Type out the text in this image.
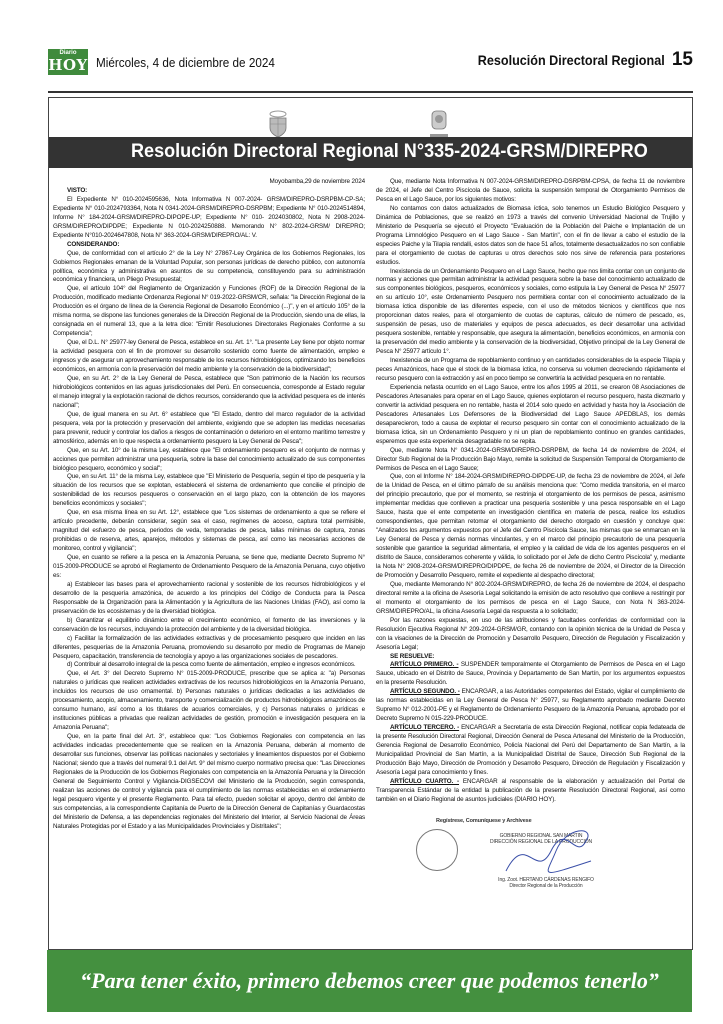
Diario
HOY Miércoles, 4 de diciembre de 2024	Resolución Directoral Regional 15
Resolución Directoral Regional N°335-2024-GRSM/DIREPRO

Moyobamba,29 de noviembre 2024

VISTO:

El Expediente N° 010-2024595636, Nota Informativa N 007-2024- GRSM/DIREPRO-DSRPBM-CP-SA; Expediente N° 010-2024793364, Nota N 0341-2024-GRSM/DIREPRO-DSRPBM; Expediente N° 010-2024514894, Informe N° 184-2024-GRSM/DIREPRO-DIPOPE-UP; Expediente N° 010- 2024030802, Nota N 2908-2024-GRSM/DIREPRO/DIPDPE; Expediente N 010-2024250888. Memorando N° 802-2024-GRSM/ DIREPRO; Expediente N°010-2024647808, Nota N° 363-2024-GRSM/DIREPRO/AL: V.

CONSIDERANDO:

Que, de conformidad con el artículo 2° de la Ley N° 27867-Ley Orgánica de los Gobiernos Regionales, los Gobiernos Regionales emanan de la Voluntad Popular, son personas jurídicas de derecho público, con autonomía política, económica y administrativa en asuntos de su competencia, constituyendo para su administración económica y financiera, un Pliego Presupuestal;

Que, el artículo 104° del Reglamento de Organización y Funciones (ROF) de la Dirección Regional de la Producción, modificado mediante Ordenanza Regional N° 019-2022-GRSM/CR, señala: "la Dirección Regional de la Producción es el órgano de línea de la Gerencia Regional de Desarrollo Económico (...)", y en el artículo 105° de la misma norma, se dispone las funciones generales de la Dirección Regional de la Producción, siendo una de ellas, la consignada en el numeral 13, que a la letra dice: "Emitir Resoluciones Directorales Regionales Conforme a su Competencia";

Que, el D.L. N° 25977-ley General de Pesca, establece en su. Art. 1°. "La presente Ley tiene por objeto normar la actividad pesquera con el fin de promover su desarrollo sostenido como fuente de alimentación, empleo e ingresos y de asegurar un aprovechamiento responsable de los recursos hidrobiológicos, optimizando los beneficios económicos, en armonía con la preservación del medio ambiente y la conservación de la biodiversidad";

Que, en su Art. 2° de la Ley General de Pesca, establece que "Son patrimonio de la Nación los recursos hidrobiológicos contenidos en las aguas jurisdiccionales del Perú. En consecuencia, corresponde al Estado regular el manejo integral y la explotación racional de dichos recursos, considerando que la actividad pesquera es de interés nacional";

Que, de igual manera en su Art. 6° establece que "El Estado, dentro del marco regulador de la actividad pesquera, vela por la protección y preservación del ambiente, exigiendo que se adopten las medidas necesarias para prevenir, reducir y controlar los daños a riesgos de contaminación o deterioro en el entorno marítimo terrestre y atmosférico, además en lo que respecta a ordenamiento pesquero la Ley General de Pesca";

Que, en su Art. 10° de la misma Ley, establece que "El ordenamiento pesquero es el conjunto de normas y acciones que permiten administrar una pesquería, sobre la base del conocimiento actualizado de sus componentes biológico pesquero, económico y social";

Que, en su Art. 11° de la misma Ley, establece que "El Ministerio de Pesquería, según el tipo de pesquería y la situación de los recursos que se explotan, establecerá el sistema de ordenamiento que concilie el principio de sostenibilidad de los recursos pesqueros o conservación en el largo plazo, con la obtención de los mayores beneficios económicos y sociales";

Que, en esa misma línea en su Art. 12°, establece que "Los sistemas de ordenamiento a que se refiere el artículo precedente, deberán considerar, según sea el caso, regímenes de acceso, captura total permisible, magnitud del esfuerzo de pesca, periodos de veda, temporadas de pesca, tallas mínimas de captura, zonas prohibidas o de reserva, artes, aparejos, métodos y sistemas de pesca, así como las necesarias acciones de monitoreo, control y vigilancia";

Que, en cuanto se refiere a la pesca en la Amazonía Peruana, se tiene que, mediante Decreto Supremo N° 015-2009-PRODUCE se aprobó el Reglamento de Ordenamiento Pesquero de la Amazonía Peruana, cuyo objetivo es:

a) Establecer las bases para el aprovechamiento racional y sostenible de los recursos hidrobiológicos y el desarrollo de la pesquería amazónica, de acuerdo a los principios del Código de Conducta para la Pesca Responsable de la Organización para la Alimentación y la Agricultura de las Naciones Unidas (FAO), así como la preservación de los ecosistemas y de la diversidad biológica.

b) Garantizar el equilibrio dinámico entre el crecimiento económico, el fomento de las inversiones y la conservación de los recursos, incluyendo la protección del ambiente y de la diversidad biológica.

c) Facilitar la formalización de las actividades extractivas y de procesamiento pesquero que inciden en las diferentes, pesquerías de la Amazonía Peruana, promoviendo su desarrollo por medio de Programas de Manejo Pesquero, capacitación, transferencia de tecnología y apoyo a las organizaciones sociales de pescadores.

d) Contribuir al desarrollo integral de la pesca como fuente de alimentación, empleo e ingresos económicos.

Que, el Art. 3° del Decreto Supremo N° 015-2009-PRODUCE, prescribe que se aplica a: "a) Personas naturales o jurídicas que realicen actividades extractivas de los recursos hidrobiológicos en la Amazonía Peruano, incluidos los recursos de uso ornamental. b) Personas naturales o jurídicas dedicadas a las actividades de procesamiento, acopio, almacenamiento, transporte y comercialización de productos hidrobiológicos amazónicos de consumo humano, así como a los titulares de acuarios comerciales, y c) Personas naturales o jurídicas e instituciones públicas a privadas que realizan actividades de gestión, promoción e investigación pesquera en la Amazonía Peruana";

Que, en la parte final del Art. 3°, establece que: "Los Gobiernos Regionales con competencia en las actividades indicadas precedentemente que se realicen en la Amazonía Peruana, deberán al momento de desarrollar sus funciones, observar las políticas nacionales y sectoriales y lineamientos dispuestos por el Gobierno Nacional; siendo que a través del numeral 9.1 del Art. 9° del mismo cuerpo normativo precisa que: "Las Direcciones Regionales de la Producción de los Gobiernos Regionales con competencia en la Amazonía Peruana y la Dirección General de Seguimiento Control y Vigilancia-DIGSECOVI del Ministerio de la Producción, según corresponda, realizan las acciones de control y vigilancia para el cumplimiento de las normas establecidas en el ordenamiento legal pesquero vigente y el presente Reglamento. Para tal efecto, pueden solicitar el apoyo, dentro del ámbito de sus competencias, a la correspondiente Capitanía de Puerto de la Dirección General de Capitanías y Guardacostas del Ministerio de Defensa, a las dependencias regionales del Ministerio del Interior, al Servicio Nacional de Áreas Naturales Protegidas por el Estado y a las Municipalidades Provinciales y Distritales";

Que, mediante Nota Informativa N 007-2024-GRSM/DIREPRO-DSRPBM-CPSA, de fecha 11 de noviembre de 2024, el Jefe del Centro Piscícola de Sauce, solicita la suspensión temporal de Otorgamiento Permisos de Pesca en el Lago Sauce, por los siguientes motivos:

No contamos con datos actualizados de Biomasa íctica, solo tenemos un Estudio Biológico Pesquero y Dinámica de Poblaciones, que se realizó en 1973 a través del convenio Universidad Nacional de Trujillo y Ministerio de Pesquería se ejecutó el Proyecto "Evaluación de la Población del Paiche e Implantación de un Programa Limnológico Pesquero en el Lago Sauce - San Martín", con el fin de llevar a cabo el estudio de la especies Paiche y la Tilapia rendalli, estos datos son de hace 51 años, totalmente desactualizados no son confiable para el otorgamiento de cuotas de capturas u otros derechos solo nos sirve de referencia para posteriores estudios.

Inexistencia de un Ordenamiento Pesquero en el Lago Sauce, hecho que nos limita contar con un conjunto de normas y acciones que permitan administrar la actividad pesquera sobre la base del conocimiento actualizado de sus componentes biológicos, pesqueros, económicos y sociales, como estipula la Ley General de Pesca N° 25977 en su artículo 10°, este Ordenamiento Pesquero nos permitiera contar con el conocimiento actualizado de la biomasa íctica disponible de las diferentes especie, con el uso de métodos técnicos y científicos que nos proporcionan datos reales, para el otorgamiento de cuotas de capturas, cálculo de número de pescado, es, suspensión de pesas, uso de materiales y equipos de pesca adecuados, es decir desarrollar una actividad pesquera sostenible, rentable y responsable, que asegura la alimentación, beneficios económicos, en armonía con la preservación del medio ambiente y la conservación de la biodiversidad, Objetivo principal de la Ley General de Pesca N° 25977 artículo 1°.

Inexistencia de un Programa de repoblamiento continuo y en cantidades considerables de la especie Tilapia y peces Amazónicos, hace que el stock de la biomasa íctica, no conserva su volumen decreciendo rápidamente el recurso pesquero con la extracción y así en poco tiempo se convertiría la actividad pesquera en no rentable.

Experiencia nefasta ocurrido en el Lago Sauce, entre los años 1995 al 2011, se crearon 08 Asociaciones de Pescadores Artesanales para operar en el Lago Sauce, quienes explotaron el recurso pesquero, hasta diezmarlo y convertir la actividad pesquera en no rentable, hasta el 2014 solo quedo en actividad y hasta hoy la Asociación de Pescadores Artesanales Los Defensores de la Biodiversidad del Lago Sauce APEDBLAS, los demás desaparecieron, todo a causa de explotar el recurso pesquero sin contar con el conocimiento actualizado de la biomasa íctica, sin un Ordenamiento Pesquero y ni un plan de repoblamiento continuo en grandes cantidades, esperemos que esta experiencia desagradable no se repita.

Que, mediante Nota N° 0341-2024-GRSM/DIREPRO-DSRPBM, de fecha 14 de noviembre de 2024, el Director Sub Regional de la Producción Bajo Mayo, remite la solicitud de Suspensión Temporal de Otorgamiento de Permisos de Pesca en el Lago Sauce;

Que, con el Informe N° 184-2024-GRSM/DIREPRO-DIPDPE-UP, de fecha 23 de noviembre de 2024, el Jefe de la Unidad de Pesca, en el último párrafo de su análisis menciona que: "Como medida transitoria, en el marco del principio precautorio, que por el momento, se restrinja el otorgamiento de los permisos de pesca, asimismo implementar medidas que conlleven a practicar una pesquería sostenible y una pesca responsable en el Lago Sauce, hasta que el ente competente en investigación científica en materia de pesca, realice los estudios correspondientes, que permitan retomar el otorgamiento del derecho otorgado en cuestión y concluye que: "Analizados los argumentos expuestos por el Jefe del Centro Piscícola Sauce, las mismas que se enmarcan en la Ley General de Pesca y demás normas vinculantes, y en el marco del principio precautorio de una pesquería sostenible que garantice la seguridad alimentaria, el empleo y la calidad de vida de los agentes pesqueros en el distrito de Sauce, consideramos coherente y válida, lo solicitado por el Jefe de dicho Centro Piscícola" y, mediante la Nota N° 2908-2024-GRSM/DIREPRO/DIPDPE, de fecha 26 de noviembre de 2024, el Director de la Dirección de Promoción y Desarrollo Pesquero, remite el expediente al despacho directoral;

Que, mediante Memorando N° 802-2024-GRSM/DIREPRO, de fecha 26 de noviembre de 2024, el despacho directoral remite a la oficina de Asesoría Legal solicitando la emisión de acto resolutivo que conlleve a restringir por el momento el otorgamiento de los permisos de pesca en el Lago Sauce, con Nota N 363-2024-GRSM/DIREPRO/AL, la oficina Asesoría Legal da respuesta a lo solicitado;

Por las razones expuestas, en uso de las atribuciones y facultades conferidas de conformidad con la Resolución Ejecutiva Regional N° 209-2024-GRSM/GR, contando con la opinión técnica de la Unidad de Pesca y con la visaciones de la Dirección de Promoción y Desarrollo Pesquero, Dirección de Regulación y Fiscalización y Asesoría Legal;

SE RESUELVE:

ARTÍCULO PRIMERO. - SUSPENDER temporalmente el Otorgamiento de Permisos de Pesca en el Lago Sauce, ubicado en el Distrito de Sauce, Provincia y Departamento de San Martín, por los argumentos expuestos en la presente Resolución.

ARTÍCULO SEGUNDO. - ENCARGAR, a las Autoridades competentes del Estado, vigilar el cumplimiento de las normas establecidas en la Ley General de Pesca N° 25977, su Reglamento aprobado mediante Decreto Supremo N° 012-2001-PE y el Reglamento de Ordenamiento Pesquero de la Amazonía Peruana, aprobado por el Decreto Supremo N 015-229-PRODUCE.

ARTÍCULO TERCERO. - ENCARGAR a Secretaría de esta Dirección Regional, notificar copia fedateada de la presente Resolución Directoral Regional, Dirección General de Pesca Artesanal del Ministerio de la Producción, Gerencia Regional de Desarrollo Económico, Policía Nacional del Perú del Departamento de San Martín, a la Municipalidad Provincial de San Martín, a la Municipalidad Distrital de Sauce, Dirección Sub Regional de la Producción Bajo Mayo, Dirección de Promoción y Desarrollo Pesquero, Dirección de Regulación y Fiscalización y Asesoría Legal para conocimiento y fines.

ARTÍCULO CUARTO. - ENCARGAR al responsable de la elaboración y actualización del Portal de Transparencia Estándar de la entidad la publicación de la presente Resolución Directoral Regional, así como también en el Diario Regional de asuntos judiciales (DIARIO HOY).

Regístrese, Comuníquese y Archívese
GOBIERNO REGIONAL SAN MARTIN
DIRECCIÓN REGIONAL DE LA PRODUCCIÓN
Ing. Zoot. HERTANO CÁRDENAS RENGIFO
Director Regional de la Producción
“Para tener éxito, primero debemos creer que podemos tenerlo”
